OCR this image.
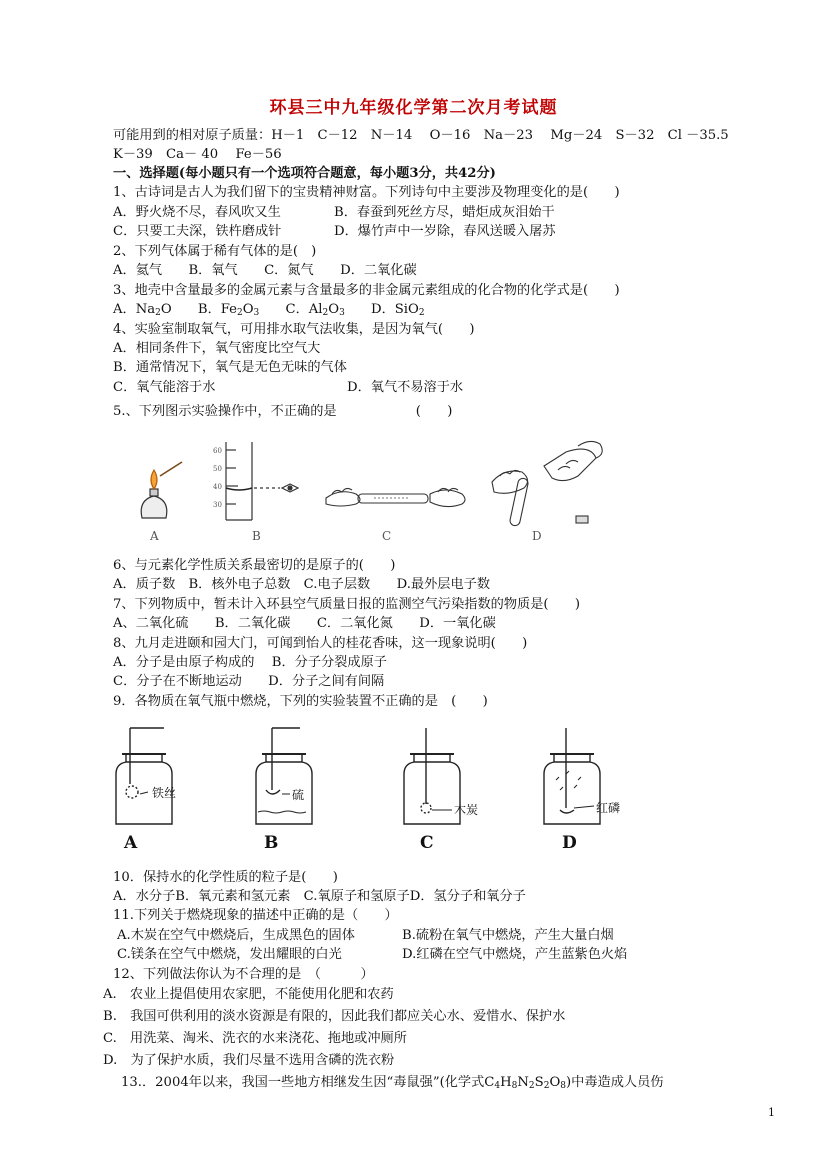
环县三中九年级化学第二次月考试题
可能用到的相对原子质量：H－1　C－12　N－14　 O－16　Na－23　 Mg－24　S－32　Cl －35.5
K－39　Ca－ 40　 Fe－56
一、选择题(每小题只有一个选项符合题意，每小题3分，共42分)
1、古诗词是古人为我们留下的宝贵精神财富。下列诗句中主要涉及物理变化的是(　　)
A．野火烧不尽，春风吹又生	B．春蚕到死丝方尽，蜡炬成灰泪始干
C．只要工夫深，铁杵磨成针	D．爆竹声中一岁除，春风送暖入屠苏
2、下列气体属于稀有气体的是(　)
A．氦气　　B．氧气　　C．氮气　　D．二氧化碳
3、地壳中含量最多的金属元素与含量最多的非金属元素组成的化合物的化学式是(　　)
A．$Na_2O$ B．$Fe_2O_3$ C．$Al_2O_3$ D．SiO$_2$
4、实验室制取氧气，可用排水取气法收集，是因为氧气(　　)
A．相同条件下，氧气密度比空气大
B．通常情况下，氧气是无色无味的气体
C．氧气能溶于水	D．氧气不易溶于水
5.、下列图示实验操作中，不正确的是　　　　　　(　　)
A
60
50
40
30
B	C	D
6、与元素化学性质关系最密切的是原子的(　　)
A．质子数　B．核外电子总数　C.电子层数　　D.最外层电子数
7、下列物质中，暂未计入环县空气质量日报的监测空气污染指数的物质是(　　)
A、二氧化硫　　B．二氧化碳　　C．二氧化氮　　D．一氧化碳
8、九月走进颐和园大门，可闻到怡人的桂花香味，这一现象说明(　　)
A．分子是由原子构成的　 B．分子分裂成原子
C．分子在不断地运动　　D．分子之间有间隔
9．各物质在氧气瓶中燃烧，下列的实验装置不正确的是　(　　)
铁丝	硫
木炭	红磷
A	B	C	D
10．保持水的化学性质的粒子是(　　)
A．水分子B．氧元素和氢元素　C.氧原子和氢原子D．氢分子和氧分子
11.下列关于燃烧现象的描述中正确的是（　　）
A.木炭在空气中燃烧后，生成黑色的固体	B.硫粉在氧气中燃烧，产生大量白烟
C.镁条在空气中燃烧，发出耀眼的白光	D.红磷在空气中燃烧，产生蓝紫色火焰
12、下列做法你认为不合理的是　（　　　）
A.　农业上提倡使用农家肥，不能使用化肥和农药
B.　我国可供利用的淡水资源是有限的，因此我们都应关心水、爱惜水、保护水
C.　用洗菜、淘米、洗衣的水来浇花、拖地或冲厕所
D.　为了保护水质，我们尽量不选用含磷的洗衣粉
13.．2004年以来，我国一些地方相继发生因“毒鼠强”(化学式$C_4H_8N_2S_2O_8$)中毒造成人员伤
1
